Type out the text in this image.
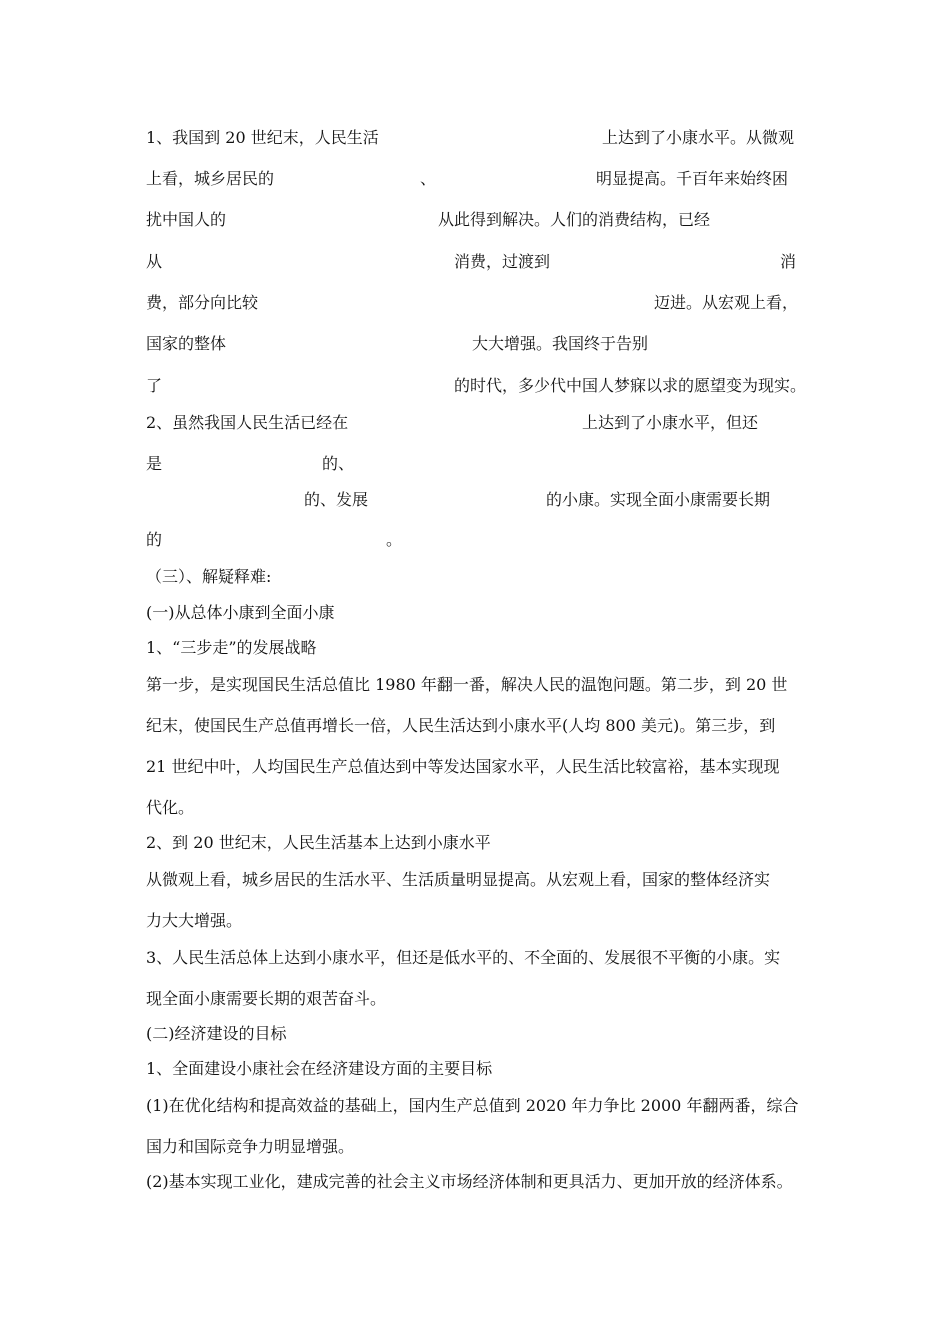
1、我国到 20 世纪末，人民生活	上达到了小康水平。从微观
上看，城乡居民的	、	明显提高。千百年来始终困
扰中国人的	从此得到解决。人们的消费结构，已经
从	消费，过渡到	消
费，部分向比较	迈进。从宏观上看，
国家的整体	大大增强。我国终于告别
了	的时代，多少代中国人梦寐以求的愿望变为现实。
2、虽然我国人民生活已经在	上达到了小康水平，但还
是	的、
的、发展	的小康。实现全面小康需要长期
的	。
（三）、解疑释难:
(一)从总体小康到全面小康
1、“三步走”的发展战略
第一步，是实现国民生活总值比 1980 年翻一番，解决人民的温饱问题。第二步，到 20 世
纪末，使国民生产总值再增长一倍，人民生活达到小康水平(人均 800 美元)。第三步，到
21 世纪中叶，人均国民生产总值达到中等发达国家水平，人民生活比较富裕，基本实现现
代化。
2、到 20 世纪末，人民生活基本上达到小康水平
从微观上看，城乡居民的生活水平、生活质量明显提高。从宏观上看，国家的整体经济实
力大大增强。
3、人民生活总体上达到小康水平，但还是低水平的、不全面的、发展很不平衡的小康。实
现全面小康需要长期的艰苦奋斗。
(二)经济建设的目标
1、全面建设小康社会在经济建设方面的主要目标
(1)在优化结构和提高效益的基础上，国内生产总值到 2020 年力争比 2000 年翻两番，综合
国力和国际竞争力明显增强。
(2)基本实现工业化，建成完善的社会主义市场经济体制和更具活力、更加开放的经济体系。
